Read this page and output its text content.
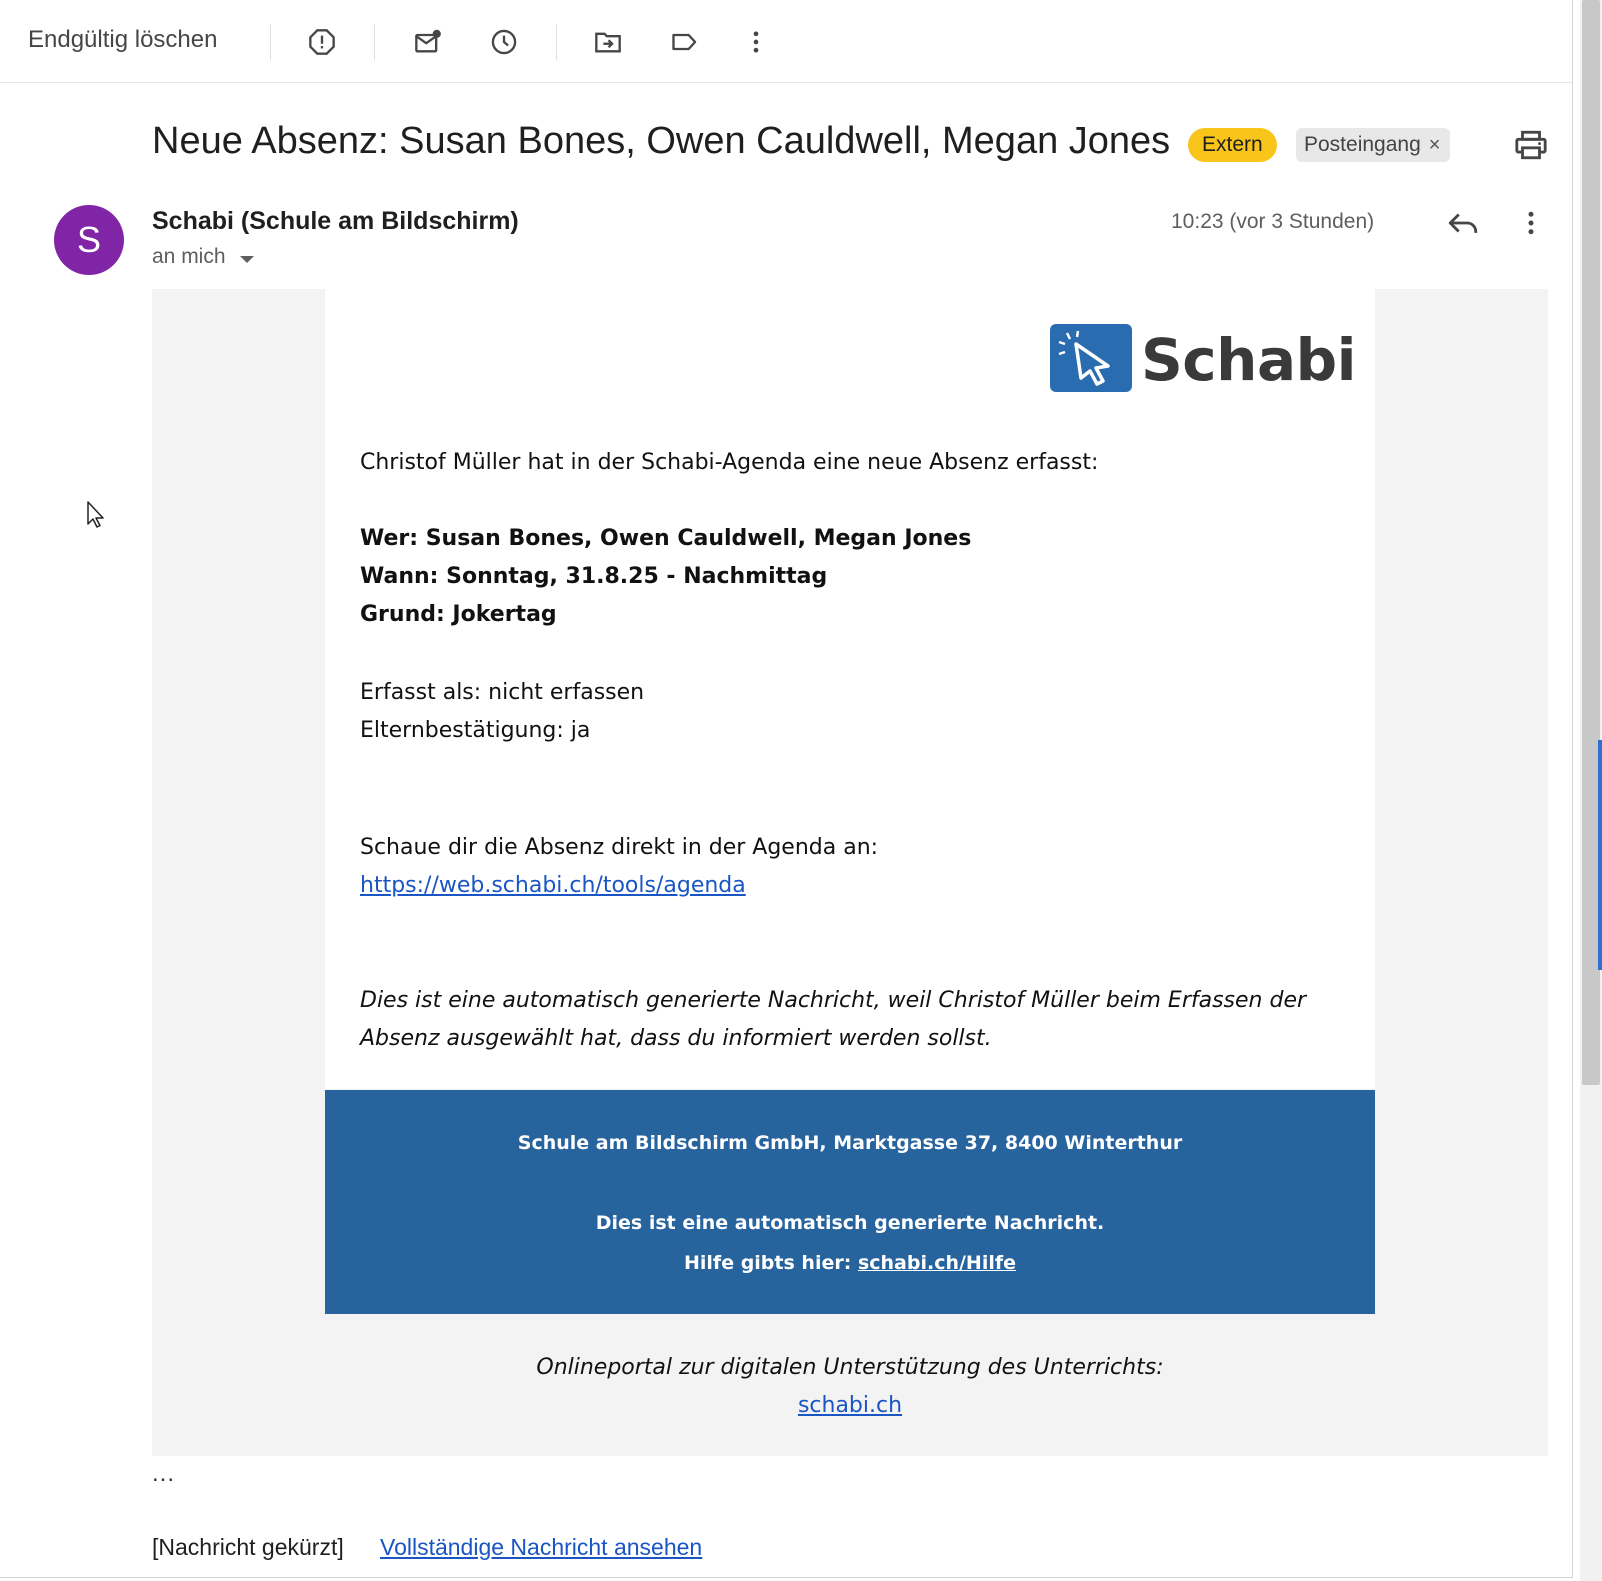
Endgültig löschen
Neue Absenz: Susan Bones, Owen Cauldwell, Megan Jones	Extern	Posteingang ×
S	Schabi (Schule am Bildschirm)
an mich
10:23 (vor 3 Stunden)
Schabi
Christof Müller hat in der Schabi-Agenda eine neue Absenz erfasst:
Wer: Susan Bones, Owen Cauldwell, Megan Jones
Wann: Sonntag, 31.8.25 - Nachmittag
Grund: Jokertag
Erfasst als: nicht erfassen
Elternbestätigung: ja
Schaue dir die Absenz direkt in der Agenda an:
https://web.schabi.ch/tools/agenda
Dies ist eine automatisch generierte Nachricht, weil Christof Müller beim Erfassen der
Absenz ausgewählt hat, dass du informiert werden sollst.
Schule am Bildschirm GmbH, Marktgasse 37, 8400 Winterthur
Dies ist eine automatisch generierte Nachricht.
Hilfe gibts hier: schabi.ch/Hilfe
Onlineportal zur digitalen Unterstützung des Unterrichts:
schabi.ch
...
[Nachricht gekürzt] Vollständige Nachricht ansehen
